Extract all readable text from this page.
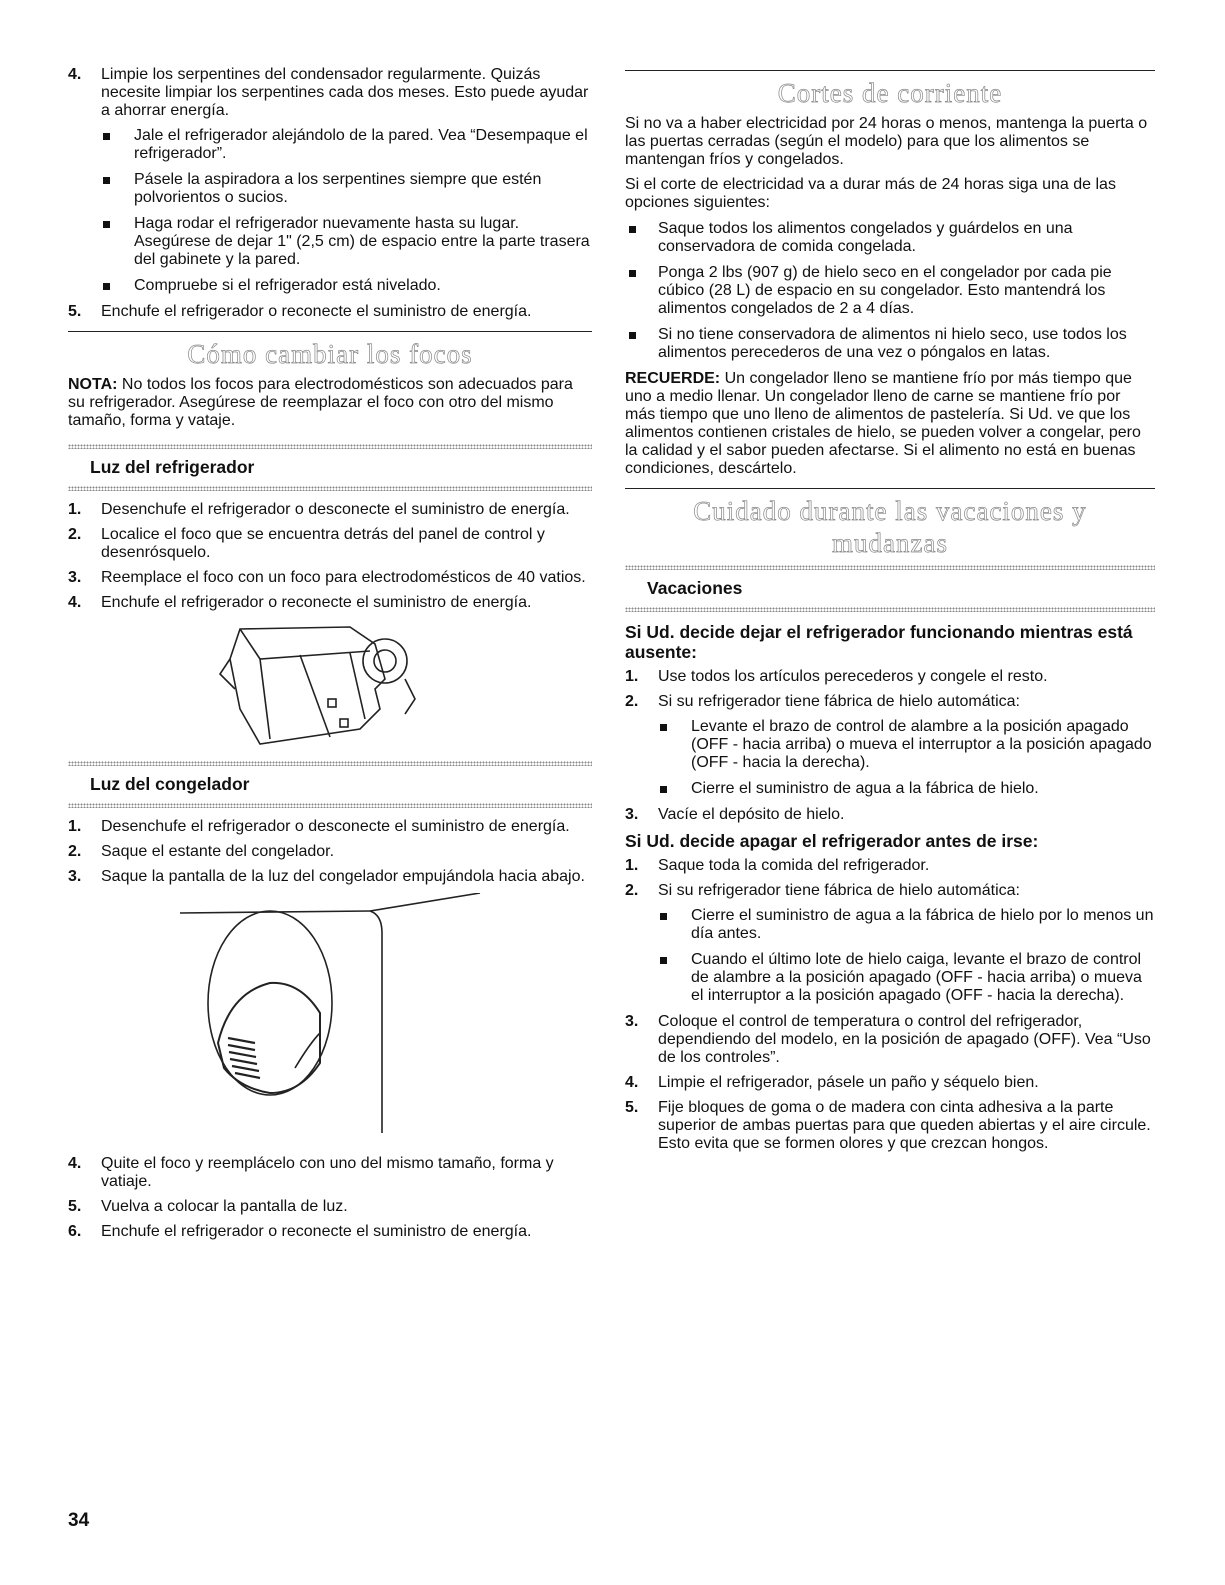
4. Limpie los serpentines del condensador regularmente. Quizás necesite limpiar los serpentines cada dos meses. Esto puede ayudar a ahorrar energía.
Jale el refrigerador alejándolo de la pared. Vea “Desempaque el refrigerador”.
Pásele la aspiradora a los serpentines siempre que estén polvorientos o sucios.
Haga rodar el refrigerador nuevamente hasta su lugar. Asegúrese de dejar 1" (2,5 cm) de espacio entre la parte trasera del gabinete y la pared.
Compruebe si el refrigerador está nivelado.
5. Enchufe el refrigerador o reconecte el suministro de energía.
Cómo cambiar los focos

NOTA: No todos los focos para electrodomésticos son adecuados para su refrigerador. Asegúrese de reemplazar el foco con otro del mismo tamaño, forma y vataje.

Luz del refrigerador
1. Desenchufe el refrigerador o desconecte el suministro de energía.
2. Localice el foco que se encuentra detrás del panel de control y desenrósquelo.
3. Reemplace el foco con un foco para electrodomésticos de 40 vatios.
4. Enchufe el refrigerador o reconecte el suministro de energía.
Luz del congelador
1. Desenchufe el refrigerador o desconecte el suministro de energía.
2. Saque el estante del congelador.
3. Saque la pantalla de la luz del congelador empujándola hacia abajo.
4. Quite el foco y reemplácelo con uno del mismo tamaño, forma y vatiaje.
5. Vuelva a colocar la pantalla de luz.
6. Enchufe el refrigerador o reconecte el suministro de energía.
Cortes de corriente

Si no va a haber electricidad por 24 horas o menos, mantenga la puerta o las puertas cerradas (según el modelo) para que los alimentos se mantengan fríos y congelados.

Si el corte de electricidad va a durar más de 24 horas siga una de las opciones siguientes:

Saque todos los alimentos congelados y guárdelos en una conservadora de comida congelada.
Ponga 2 lbs (907 g) de hielo seco en el congelador por cada pie cúbico (28 L) de espacio en su congelador. Esto mantendrá los alimentos congelados de 2 a 4 días.
Si no tiene conservadora de alimentos ni hielo seco, use todos los alimentos perecederos de una vez o póngalos en latas.

RECUERDE: Un congelador lleno se mantiene frío por más tiempo que uno a medio llenar. Un congelador lleno de carne se mantiene frío por más tiempo que uno lleno de alimentos de pastelería. Si Ud. ve que los alimentos contienen cristales de hielo, se pueden volver a congelar, pero la calidad y el sabor pueden afectarse. Si el alimento no está en buenas condiciones, descártelo.

Cuidado durante las vacaciones y
mudanzas
Vacaciones
Si Ud. decide dejar el refrigerador funcionando mientras está ausente:
1. Use todos los artículos perecederos y congele el resto.
2. Si su refrigerador tiene fábrica de hielo automática:
Levante el brazo de control de alambre a la posición apagado (OFF - hacia arriba) o mueva el interruptor a la posición apagado (OFF - hacia la derecha).
Cierre el suministro de agua a la fábrica de hielo.
3. Vacíe el depósito de hielo.
Si Ud. decide apagar el refrigerador antes de irse:
1. Saque toda la comida del refrigerador.
2. Si su refrigerador tiene fábrica de hielo automática:
Cierre el suministro de agua a la fábrica de hielo por lo menos un día antes.
Cuando el último lote de hielo caiga, levante el brazo de control de alambre a la posición apagado (OFF - hacia arriba) o mueva el interruptor a la posición apagado (OFF - hacia la derecha).
3. Coloque el control de temperatura o control del refrigerador, dependiendo del modelo, en la posición de apagado (OFF). Vea “Uso de los controles”.
4. Limpie el refrigerador, pásele un paño y séquelo bien.
5. Fije bloques de goma o de madera con cinta adhesiva a la parte superior de ambas puertas para que queden abiertas y el aire circule. Esto evita que se formen olores y que crezcan hongos.
34
